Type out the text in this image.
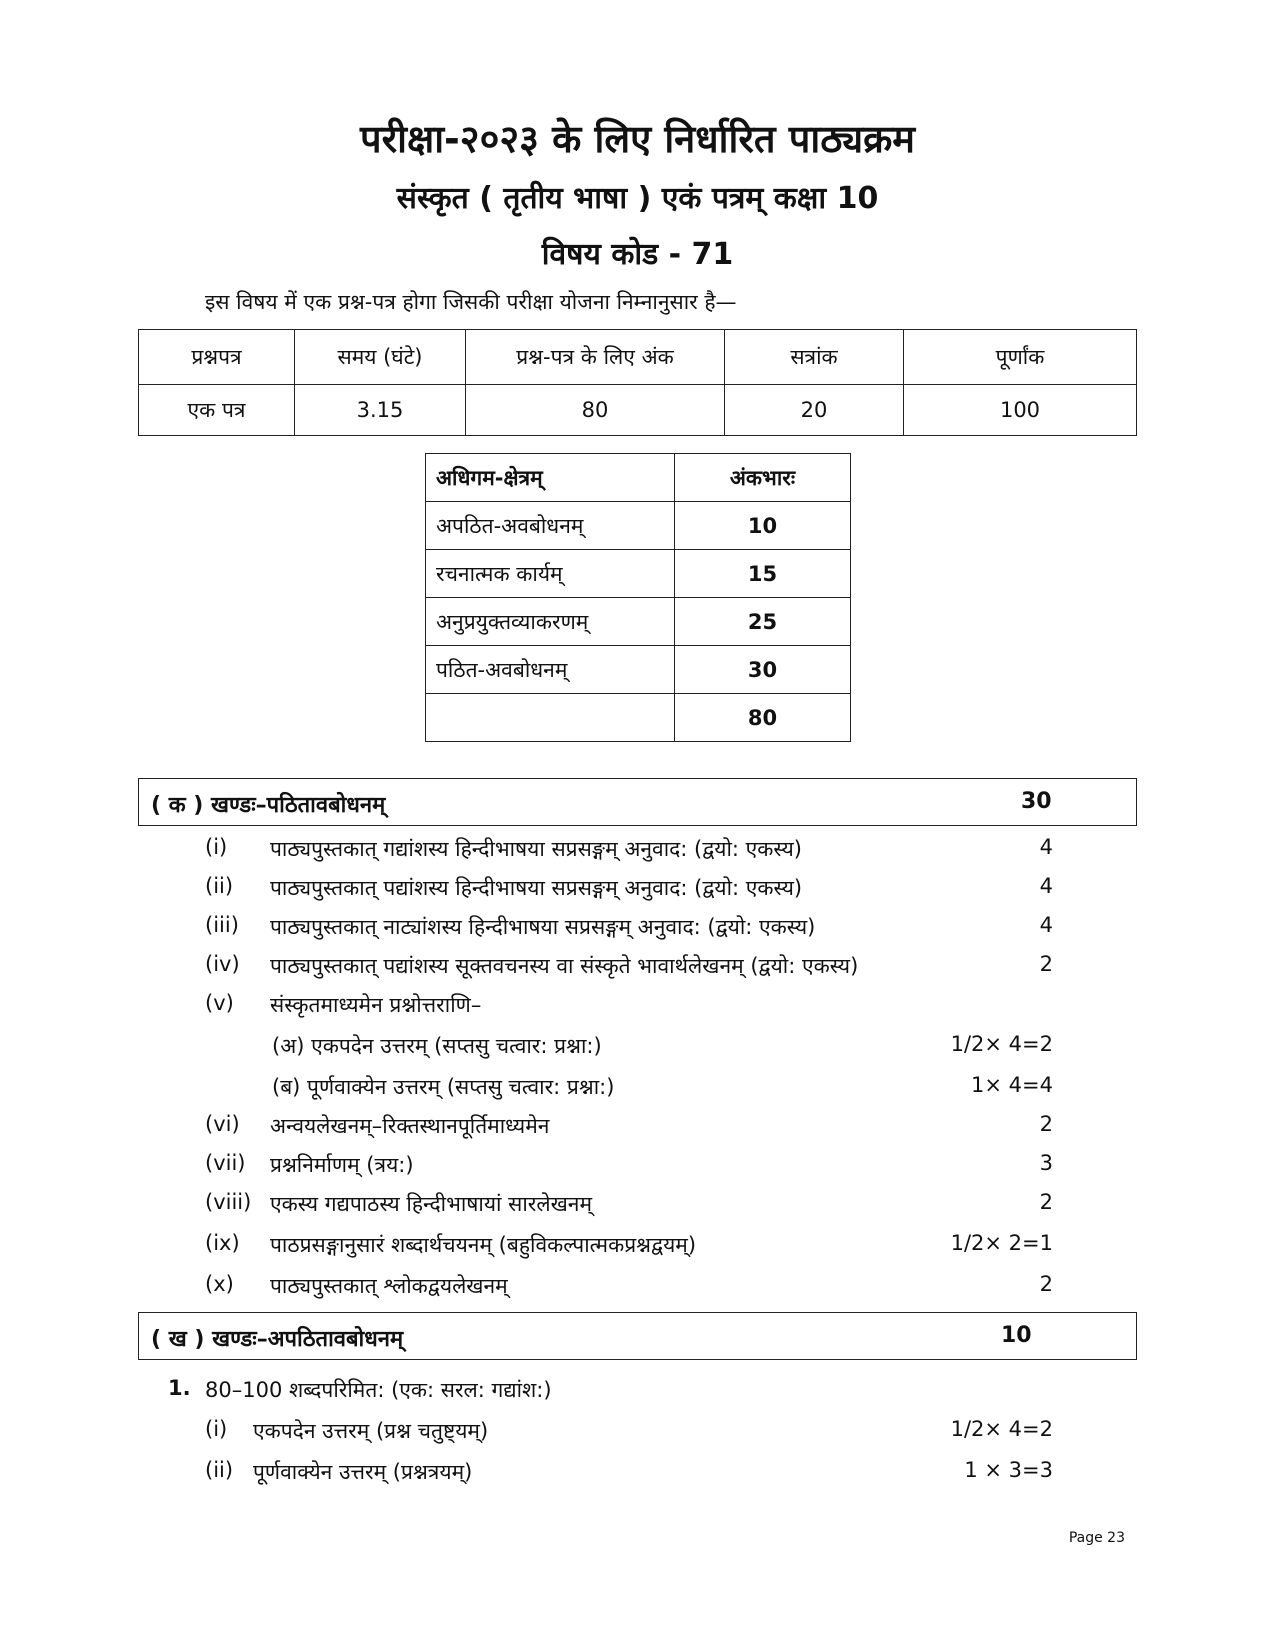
परीक्षा-२०२३ के लिए निर्धारित पाठ्यक्रम
संस्कृत ( तृतीय भाषा ) एकं पत्रम् कक्षा 10
विषय कोड - 71
इस विषय में एक प्रश्न-पत्र होगा जिसकी परीक्षा योजना निम्नानुसार है—
प्रश्नपत्र	समय (घंटे)	प्रश्न-पत्र के लिए अंक	सत्रांक	पूर्णांक
एक पत्र	3.15	80	20	100
अधिगम-क्षेत्रम्	अंकभारः
अपठित-अवबोधनम्	10
रचनात्मक कार्यम्	15
अनुप्रयुक्तव्याकरणम्	25
पठित-अवबोधनम्	30
	80
( क ) खण्डः–पठितावबोधनम्	30
(i) पाठ्यपुस्तकात् गद्यांशस्य हिन्दीभाषया सप्रसङ्गम् अनुवाद: (द्वयो: एकस्य)	4
(ii) पाठ्यपुस्तकात् पद्यांशस्य हिन्दीभाषया सप्रसङ्गम् अनुवाद: (द्वयो: एकस्य)	4
(iii) पाठ्यपुस्तकात् नाट्यांशस्य हिन्दीभाषया सप्रसङ्गम् अनुवाद: (द्वयो: एकस्य)	4
(iv) पाठ्यपुस्तकात् पद्यांशस्य सूक्तवचनस्य वा संस्कृते भावार्थलेखनम् (द्वयो: एकस्य)	2
(v) संस्कृतमाध्यमेन प्रश्नोत्तराणि–
(अ) एकपदेन उत्तरम् (सप्तसु चत्वार: प्रश्ना:)	1/2× 4=2
(ब) पूर्णवाक्येन उत्तरम् (सप्तसु चत्वार: प्रश्ना:)	1× 4=4
(vi) अन्वयलेखनम्–रिक्तस्थानपूर्तिमाध्यमेन	2
(vii) प्रश्ननिर्माणम् (त्रय:)	3
(viii) एकस्य गद्यपाठस्य हिन्दीभाषायां सारलेखनम्	2
(ix) पाठप्रसङ्गानुसारं शब्दार्थचयनम् (बहुविकल्पात्मकप्रश्नद्वयम्)	1/2× 2=1
(x) पाठ्यपुस्तकात् श्लोकद्वयलेखनम्	2
( ख ) खण्डः–अपठितावबोधनम्	10
1. 80–100 शब्दपरिमित: (एक: सरल: गद्यांश:)
(i) एकपदेन उत्तरम् (प्रश्न चतुष्ट्यम्)	1/2× 4=2
(ii) पूर्णवाक्येन उत्तरम् (प्रश्नत्रयम्)	1 × 3=3
Page 23
